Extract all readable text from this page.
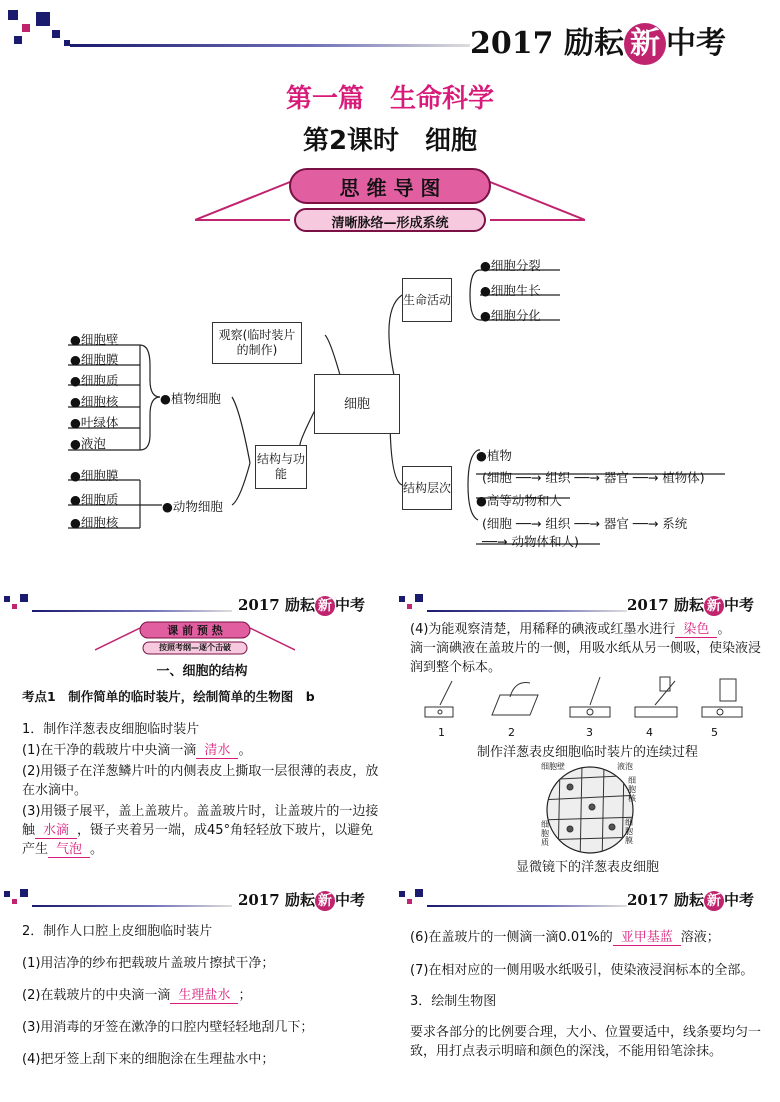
2017 励耘 新 中考
第一篇　生命科学
第2课时　细胞
思 维 导 图
清晰脉络—形成系统
细胞
观察(临时装片的制作)
结构与功能
生命活动
结构层次
●植物细胞
●动物细胞
●细胞壁
●细胞膜
●细胞质
●细胞核
●叶绿体
●液泡
●细胞膜
●细胞质
●细胞核
●细胞分裂
●细胞生长
●细胞分化
●植物
(细胞 ──→ 组织 ──→ 器官 ──→ 植物体)
●高等动物和人
(细胞 ──→ 组织 ──→ 器官 ──→ 系统
──→ 动物体和人)
2017 励耘 新 中考
课 前 预 热
按照考纲—逐个击破

一、细胞的结构

考点1　制作简单的临时装片，绘制简单的生物图　b

1．制作洋葱表皮细胞临时装片

(1)在干净的载玻片中央滴一滴 清水 。

(2)用镊子在洋葱鳞片叶的内侧表皮上撕取一层很薄的表皮，放在水滴中。

(3)用镊子展平，盖上盖玻片。盖盖玻片时，让盖玻片的一边接触 水滴 ，镊子夹着另一端，成45°角轻轻放下玻片，以避免产生 气泡 。

2017 励耘 新 中考

(4)为能观察清楚，用稀释的碘液或红墨水进行 染色 。

滴一滴碘液在盖玻片的一侧，用吸水纸从另一侧吸，使染液浸润到整个标本。

1	2	3	4	5
制作洋葱表皮细胞临时装片的连续过程
细胞壁	液泡
细胞核
细胞膜
细胞质
显微镜下的洋葱表皮细胞
2017 励耘 新 中考

2．制作人口腔上皮细胞临时装片

(1)用洁净的纱布把载玻片盖玻片擦拭干净；

(2)在载玻片的中央滴一滴 生理盐水 ；

(3)用消毒的牙签在漱净的口腔内壁轻轻地刮几下；

(4)把牙签上刮下来的细胞涂在生理盐水中；

2017 励耘 新 中考

(6)在盖玻片的一侧滴一滴0.01%的 亚甲基蓝 溶液；

(7)在相对应的一侧用吸水纸吸引，使染液浸润标本的全部。

3．绘制生物图

要求各部分的比例要合理，大小、位置要适中，线条要均匀一致，用打点表示明暗和颜色的深浅，不能用铅笔涂抹。
